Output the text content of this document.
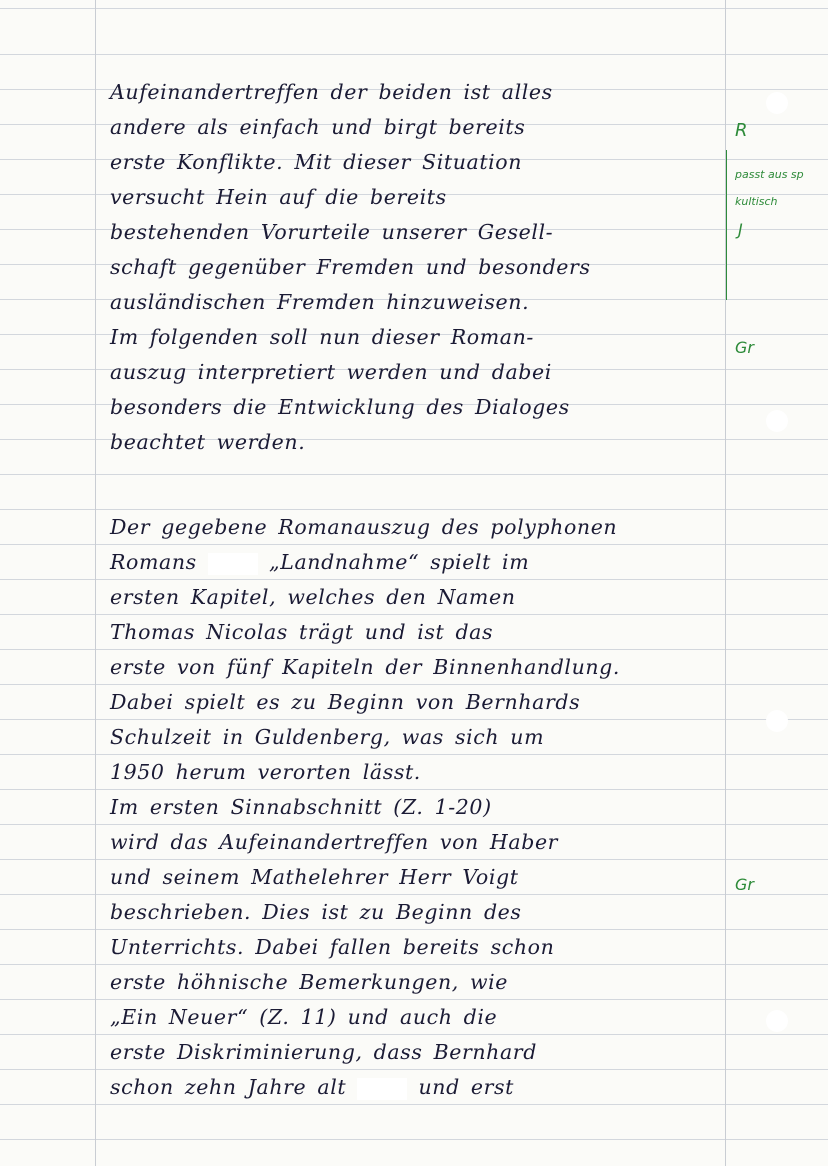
Aufeinandertreffen der beiden ist alles
andere als einfach und birgt bereits
erste Konflikte. Mit dieser Situation
versucht Hein auf die bereits
bestehenden Vorurteile unserer Gesell-
schaft gegenüber Fremden und besonders
ausländischen Fremden hinzuweisen.
Im folgenden soll nun dieser Roman-
auszug interpretiert werden und dabei
besonders die Entwicklung des Dialoges
beachtet werden.
Der gegebene Romanauszug des polyphonen
Romans	„Landnahme“ spielt im
ersten Kapitel, welches den Namen
Thomas Nicolas trägt und ist das
erste von fünf Kapiteln der Binnenhandlung.
Dabei spielt es zu Beginn von Bernhards
Schulzeit in Guldenberg, was sich um
1950 herum verorten lässt.
Im ersten Sinnabschnitt (Z. 1-20)
wird das Aufeinandertreffen von Haber
und seinem Mathelehrer Herr Voigt
beschrieben. Dies ist zu Beginn des
Unterrichts. Dabei fallen bereits schon
erste höhnische Bemerkungen, wie
„Ein Neuer“ (Z. 11) und auch die
erste Diskriminierung, dass Bernhard
schon zehn Jahre alt	und erst
R
passt aus sp
kultisch
J
Gr
Gr
